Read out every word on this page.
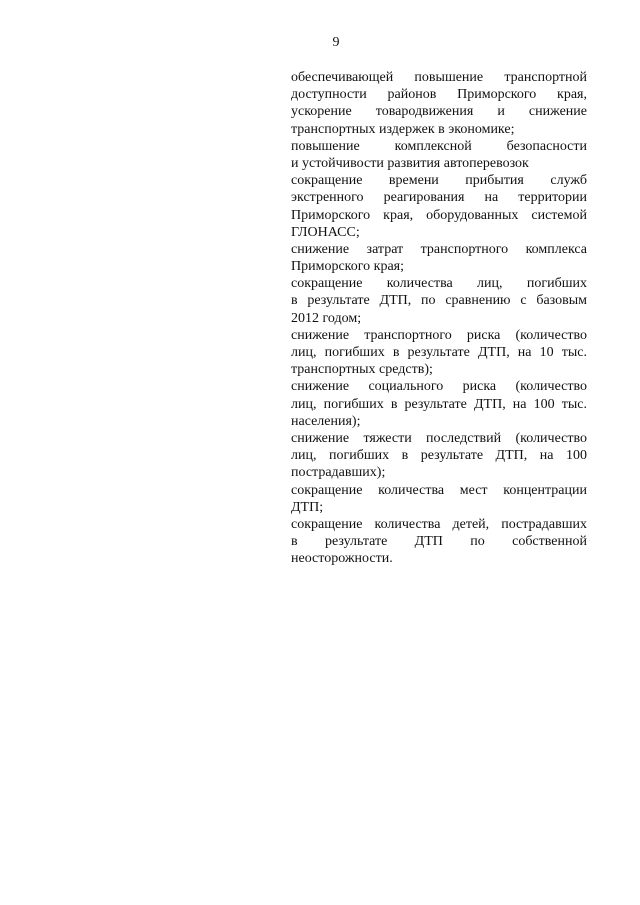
9
обеспечивающей повышение транспортной
доступности районов Приморского края,
ускорение товародвижения и снижение
транспортных издержек в экономике;
повышение комплексной безопасности
и устойчивости развития автоперевозок
сокращение времени прибытия служб
экстренного реагирования на территории
Приморского края, оборудованных системой
ГЛОНАСС;
снижение затрат транспортного комплекса
Приморского края;
сокращение количества лиц, погибших
в результате ДТП, по сравнению с базовым
2012 годом;
снижение транспортного риска (количество
лиц, погибших в результате ДТП, на 10 тыс.
транспортных средств);
снижение социального риска (количество
лиц, погибших в результате ДТП, на 100 тыс.
населения);
снижение тяжести последствий (количество
лиц, погибших в результате ДТП, на 100
пострадавших);
сокращение количества мест концентрации
ДТП;
сокращение количества детей, пострадавших
в результате ДТП по собственной
неосторожности.
